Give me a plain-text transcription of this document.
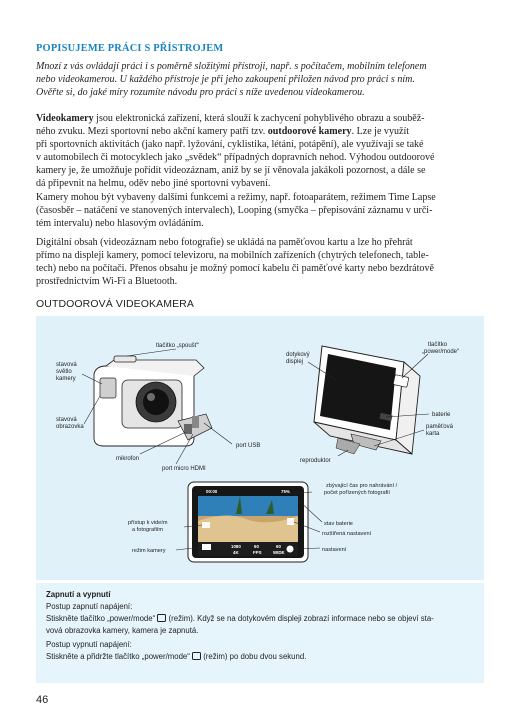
POPISUJEME PRÁCI S PŘÍSTROJEM
Mnozí z vás ovládají práci i s poměrně složitými přístroji, např. s počítačem, mobilním telefonem
nebo videokamerou. U každého přístroje je při jeho zakoupení přiložen návod pro práci s ním.
Ověřte si, do jaké míry rozumíte návodu pro práci s níže uvedenou videokamerou.
Videokamery jsou elektronická zařízení, která slouží k zachycení pohyblivého obrazu a souběž-
ného zvuku. Mezi sportovní nebo akční kamery patří tzv. outdoorové kamery. Lze je využít
při sportovních aktivitách (jako např. lyžování, cyklistika, létání, potápění), ale využívají se také
v automobilech či motocyklech jako „svědek“ případných dopravních nehod. Výhodou outdoorové
kamery je, že umožňuje pořídit videozáznam, aniž by se jí věnovala jakákoli pozornost, a dále se
dá připevnit na helmu, oděv nebo jiné sportovní vybavení.
Kamery mohou být vybaveny dalšími funkcemi a režimy, např. fotoaparátem, režimem Time Lapse
(časosběr – natáčení ve stanovených intervalech), Looping (smyčka – přepisování záznamu v urči-
tém intervalu) nebo hlasovým ovládáním.
Digitální obsah (videozáznam nebo fotografie) se ukládá na paměťovou kartu a lze ho přehrát
přímo na displeji kamery, pomocí televizoru, na mobilních zařízeních (chytrých telefonech, table-
tech) nebo na počítači. Přenos obsahu je možný pomocí kabelu či paměťové karty nebo bezdrátově
prostřednictvím Wi-Fi a Bluetooth.
OUTDOOROVÁ VIDEOKAMERA
00:00	75%
1080
4K
60
FPS
60
WIDE
tlačítko „spoušť“
stavová
světlo
kamery
stavová
obrazovka
mikrofon
port micro HDMI
port USB
dotykový
displej
tlačítko
„power/mode“
baterie
paměťová
karta
reproduktor
zbývající čas pro nahrávání /
počet pořízených fotografií
stav baterie
rozšířená nastavení
nastavení
přístup k videím
a fotografiím
režim kamery
Zapnutí a vypnutí
Postup zapnutí napájení:
Stiskněte tlačítko „power/mode“  (režim). Když se na dotykovém displeji zobrazí informace nebo se objeví sta-
vová obrazovka kamery, kamera je zapnutá.
Postup vypnutí napájení:
Stiskněte a přidržte tlačítko „power/mode“  (režim) po dobu dvou sekund.
46
